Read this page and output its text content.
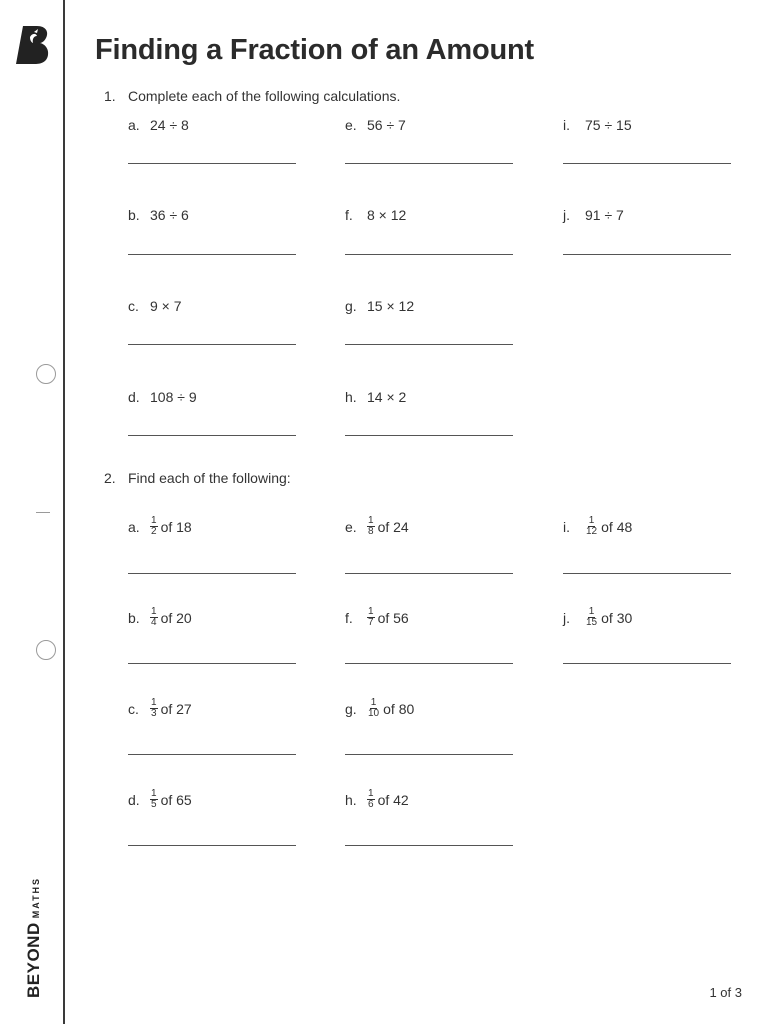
BEYOND
MATHS
Finding a Fraction of an Amount
1. Complete each of the following calculations.
a. 24 ÷ 8
b. 36 ÷ 6
c. 9 × 7
d. 108 ÷ 9
e. 56 ÷ 7
f.	8 × 12
g. 15 × 12
h. 14 × 2
i.	75 ÷ 15
j.	91 ÷ 7
2. Find each of the following:
a.	$\frac{1}{2}$ of 18
b.	$\frac{1}{4}$ of 20
c.	$\frac{1}{3}$ of 27
d.	$\frac{1}{5}$ of 65
e.	$\frac{1}{8}$ of 24
f.	$\frac{1}{7}$ of 56
g.	$\frac{1}{10}$ of 80
h.	$\frac{1}{6}$ of 42
i.	$\frac{1}{12}$ of 48
j.	$\frac{1}{15}$ of 30
1 of 3
